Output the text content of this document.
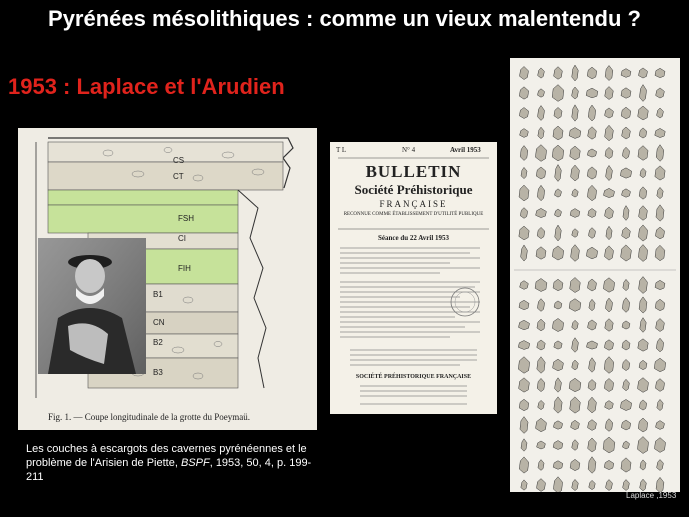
Pyrénées mésolithiques : comme un vieux malentendu ?
1953 : Laplace et l'Arudien
Fig. 1. — Coupe longitudinale de la grotte du Poeymaü.
CS
CT
FSH
CI
FIH
B1
CN
B2
B3
T L	N° 4	Avril 1953
BULLETIN
Société Préhistorique
FRANÇAISE
RECONNUE COMME ÉTABLISSEMENT D'UTILITÉ PUBLIQUE
Séance du 22 Avril 1953
SOCIÉTÉ PRÉHISTORIQUE FRANÇAISE
Les couches à escargots des cavernes pyrénéennes et le problème de l'Arisien de Piette, BSPF, 1953, 50, 4, p. 199-211
Laplace ,1953
